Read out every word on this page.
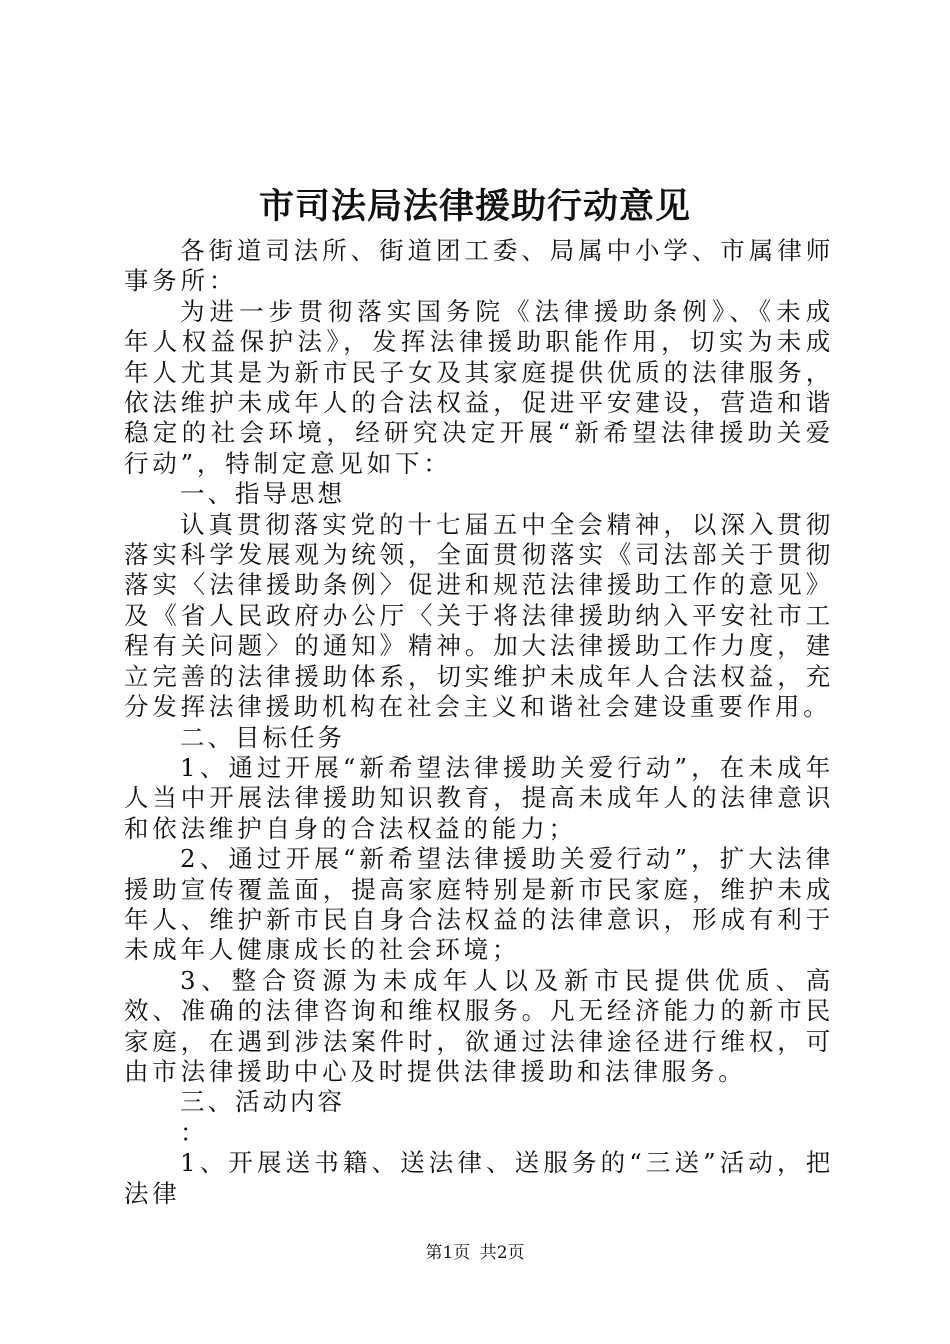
市司法局法律援助行动意见

各街道司法所、街道团工委、局属中小学、市属律师事务所：

为进一步贯彻落实国务院《法律援助条例》、《未成年人权益保护法》，发挥法律援助职能作用，切实为未成年人尤其是为新市民子女及其家庭提供优质的法律服务，依法维护未成年人的合法权益，促进平安建设，营造和谐稳定的社会环境，经研究决定开展“新希望法律援助关爱行动”，特制定意见如下：

一、指导思想

认真贯彻落实党的十七届五中全会精神，以深入贯彻落实科学发展观为统领，全面贯彻落实《司法部关于贯彻落实〈法律援助条例〉促进和规范法律援助工作的意见》及《省人民政府办公厅〈关于将法律援助纳入平安社市工程有关问题〉的通知》精神。加大法律援助工作力度，建立完善的法律援助体系，切实维护未成年人合法权益，充分发挥法律援助机构在社会主义和谐社会建设重要作用。

二、目标任务

1、通过开展“新希望法律援助关爱行动”，在未成年人当中开展法律援助知识教育，提高未成年人的法律意识和依法维护自身的合法权益的能力；

2、通过开展“新希望法律援助关爱行动”，扩大法律援助宣传覆盖面，提高家庭特别是新市民家庭，维护未成年人、维护新市民自身合法权益的法律意识，形成有利于未成年人健康成长的社会环境；

3、整合资源为未成年人以及新市民提供优质、高效、准确的法律咨询和维权服务。凡无经济能力的新市民家庭，在遇到涉法案件时，欲通过法律途径进行维权，可由市法律援助中心及时提供法律援助和法律服务。

三、活动内容

：

1、开展送书籍、送法律、送服务的“三送”活动，把法律

第1页 共2页
